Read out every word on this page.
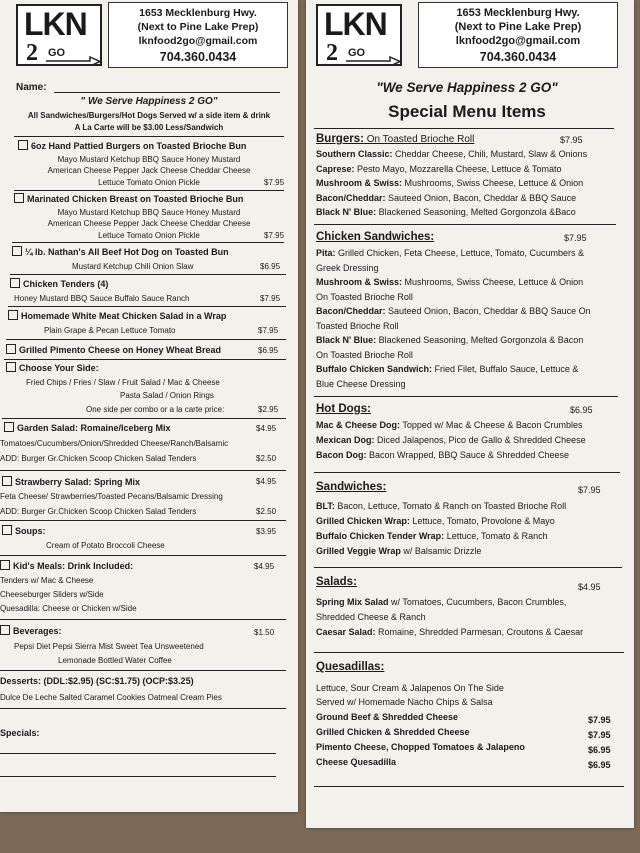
LKN
2 GO
1653 Mecklenburg Hwy.
(Next to Pine Lake Prep)
lknfood2go@gmail.com
704.360.0434
Name:
" We Serve Happiness 2 GO"
All Sandwiches/Burgers/Hot Dogs Served w/ a side item & drink
A La Carte will be $3.00 Less/Sandwich
6oz Hand Pattied Burgers on Toasted Brioche Bun
Mayo Mustard Ketchup BBQ Sauce Honey Mustard
American Cheese Pepper Jack Cheese Cheddar Cheese
Lettuce Tomato Onion Pickle	$7.95
Marinated Chicken Breast on Toasted Brioche Bun
Mayo Mustard Ketchup BBQ Sauce Honey Mustard
American Cheese Pepper Jack Cheese Cheddar Cheese
Lettuce Tomato Onion Pickle	$7.95
¼ lb. Nathan's All Beef Hot Dog on Toasted Bun
Mustard Ketchup Chili Onion Slaw	$6.95
Chicken Tenders (4)
Honey Mustard BBQ Sauce Buffalo Sauce Ranch	$7.95
Homemade White Meat Chicken Salad in a Wrap
Plain Grape & Pecan Lettuce Tomato	$7.95
Grilled Pimento Cheese on Honey Wheat Bread	$6.95
Choose Your Side:
Fried Chips / Fries / Slaw / Fruit Salad / Mac & Cheese
Pasta Salad / Onion Rings
One side per combo or a la carte price:	$2.95
Garden Salad: Romaine/Iceberg Mix	$4.95
Tomatoes/Cucumbers/Onion/Shredded Cheese/Ranch/Balsamic
ADD: Burger Gr.Chicken Scoop Chicken Salad Tenders	$2.50
Strawberry Salad: Spring Mix	$4.95
Feta Cheese/ Strawberries/Toasted Pecans/Balsamic Dressing
ADD: Burger Gr.Chicken Scoop Chicken Salad Tenders	$2.50
Soups:	$3.95
Cream of Potato Broccoli Cheese
Kid's Meals: Drink Included:	$4.95
Tenders w/ Mac & Cheese
Cheeseburger Sliders w/Side
Quesadilla: Cheese or Chicken w/Side
Beverages:	$1.50
Pepsi Diet Pepsi Sierra Mist Sweet Tea Unsweetened
Lemonade Bottled Water Coffee
Desserts: (DDL:$2.95) (SC:$1.75) (OCP:$3.25)
Dulce De Leche Salted Caramel Cookies Oatmeal Cream Pies
Specials:
LKN
2 GO
1653 Mecklenburg Hwy.
(Next to Pine Lake Prep)
lknfood2go@gmail.com
704.360.0434
"We Serve Happiness 2 GO"
Special Menu Items
Burgers: On Toasted Brioche Roll	$7.95
Southern Classic: Cheddar Cheese, Chili, Mustard, Slaw & Onions
Caprese: Pesto Mayo, Mozzarella Cheese, Lettuce & Tomato
Mushroom & Swiss: Mushrooms, Swiss Cheese, Lettuce & Onion
Bacon/Cheddar: Sauteed Onion, Bacon, Cheddar & BBQ Sauce
Black N' Blue: Blackened Seasoning, Melted Gorgonzola &Baco
Chicken Sandwiches:	$7.95
Pita: Grilled Chicken, Feta Cheese, Lettuce, Tomato, Cucumbers &
Greek Dressing
Mushroom & Swiss: Mushrooms, Swiss Cheese, Lettuce & Onion
On Toasted Brioche Roll
Bacon/Cheddar: Sauteed Onion, Bacon, Cheddar & BBQ Sauce On
Toasted Brioche Roll
Black N' Blue: Blackened Seasoning, Melted Gorgonzola & Bacon
On Toasted Brioche Roll
Buffalo Chicken Sandwich: Fried Filet, Buffalo Sauce, Lettuce &
Blue Cheese Dressing
Hot Dogs:	$6.95
Mac & Cheese Dog: Topped w/ Mac & Cheese & Bacon Crumbles
Mexican Dog: Diced Jalapenos, Pico de Gallo & Shredded Cheese
Bacon Dog: Bacon Wrapped, BBQ Sauce & Shredded Cheese
Sandwiches:	$7.95
BLT: Bacon, Lettuce, Tomato & Ranch on Toasted Brioche Roll
Grilled Chicken Wrap: Lettuce, Tomato, Provolone & Mayo
Buffalo Chicken Tender Wrap: Lettuce, Tomato & Ranch
Grilled Veggie Wrap w/ Balsamic Drizzle
Salads:	$4.95
Spring Mix Salad w/ Tomatoes, Cucumbers, Bacon Crumbles,
Shredded Cheese & Ranch
Caesar Salad: Romaine, Shredded Parmesan, Croutons & Caesar
Quesadillas:
Lettuce, Sour Cream & Jalapenos On The Side
Served w/ Homemade Nacho Chips & Salsa
Ground Beef & Shredded Cheese	$7.95
Grilled Chicken & Shredded Cheese	$7.95
Pimento Cheese, Chopped Tomatoes & Jalapeno	$6.95
Cheese Quesadilla	$6.95
